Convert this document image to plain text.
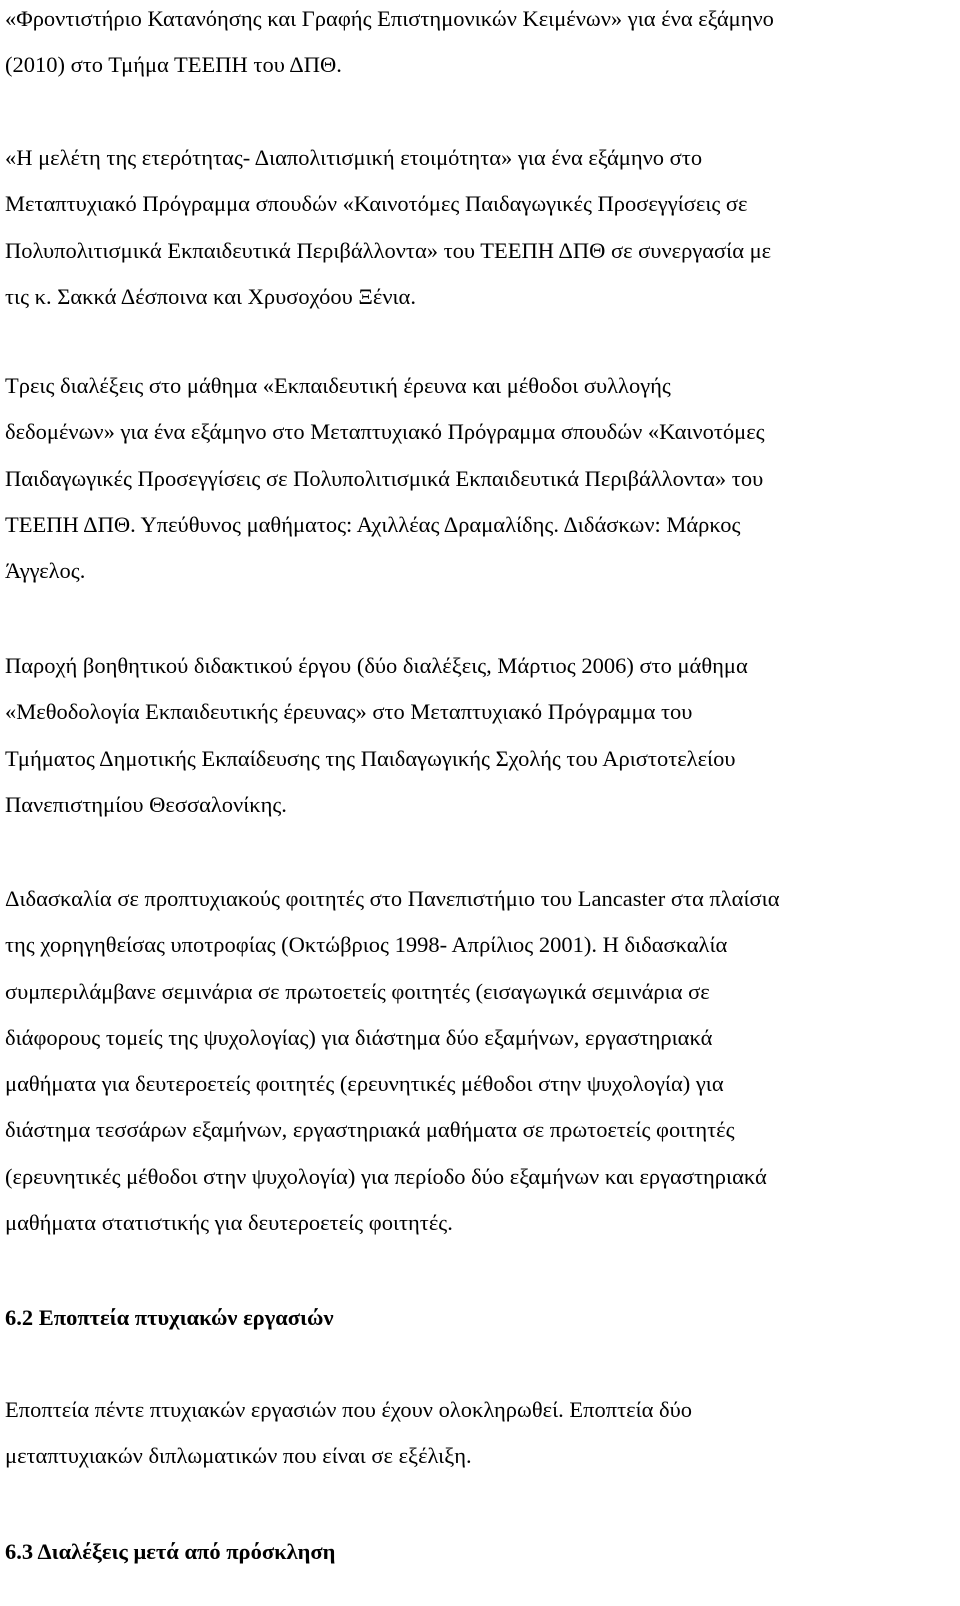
«Φροντιστήριο Κατανόησης και Γραφής Επιστημονικών Κειμένων» για ένα εξάμηνο
(2010) στο Τμήμα ΤΕΕΠΗ του ΔΠΘ.

«Η μελέτη της ετερότητας- Διαπολιτισμική ετοιμότητα» για ένα εξάμηνο στο
Μεταπτυχιακό Πρόγραμμα σπουδών «Καινοτόμες Παιδαγωγικές Προσεγγίσεις σε
Πολυπολιτισμικά Εκπαιδευτικά Περιβάλλοντα» του ΤΕΕΠΗ ΔΠΘ σε συνεργασία με
τις κ. Σακκά Δέσποινα και Χρυσοχόου Ξένια.

Τρεις διαλέξεις στο μάθημα «Εκπαιδευτική έρευνα και μέθοδοι συλλογής
δεδομένων» για ένα εξάμηνο στο Μεταπτυχιακό Πρόγραμμα σπουδών «Καινοτόμες
Παιδαγωγικές Προσεγγίσεις σε Πολυπολιτισμικά Εκπαιδευτικά Περιβάλλοντα» του
ΤΕΕΠΗ ΔΠΘ. Υπεύθυνος μαθήματος: Αχιλλέας Δραμαλίδης. Διδάσκων: Μάρκος
Άγγελος.

Παροχή βοηθητικού διδακτικού έργου (δύο διαλέξεις, Μάρτιος 2006) στο μάθημα
«Μεθοδολογία Εκπαιδευτικής έρευνας» στο Μεταπτυχιακό Πρόγραμμα του
Τμήματος Δημοτικής Εκπαίδευσης της Παιδαγωγικής Σχολής του Αριστοτελείου
Πανεπιστημίου Θεσσαλονίκης.

Διδασκαλία σε προπτυχιακούς φοιτητές στο Πανεπιστήμιο του Lancaster στα πλαίσια
της χορηγηθείσας υποτροφίας (Οκτώβριος 1998- Απρίλιος 2001). Η διδασκαλία
συμπεριλάμβανε σεμινάρια σε πρωτοετείς φοιτητές (εισαγωγικά σεμινάρια σε
διάφορους τομείς της ψυχολογίας) για διάστημα δύο εξαμήνων, εργαστηριακά
μαθήματα για δευτεροετείς φοιτητές (ερευνητικές μέθοδοι στην ψυχολογία) για
διάστημα τεσσάρων εξαμήνων, εργαστηριακά μαθήματα σε πρωτοετείς φοιτητές
(ερευνητικές μέθοδοι στην ψυχολογία) για περίοδο δύο εξαμήνων και εργαστηριακά
μαθήματα στατιστικής για δευτεροετείς φοιτητές.

6.2 Εποπτεία πτυχιακών εργασιών

Εποπτεία πέντε πτυχιακών εργασιών που έχουν ολοκληρωθεί. Εποπτεία δύο
μεταπτυχιακών διπλωματικών που είναι σε εξέλιξη.

6.3 Διαλέξεις μετά από πρόσκληση
